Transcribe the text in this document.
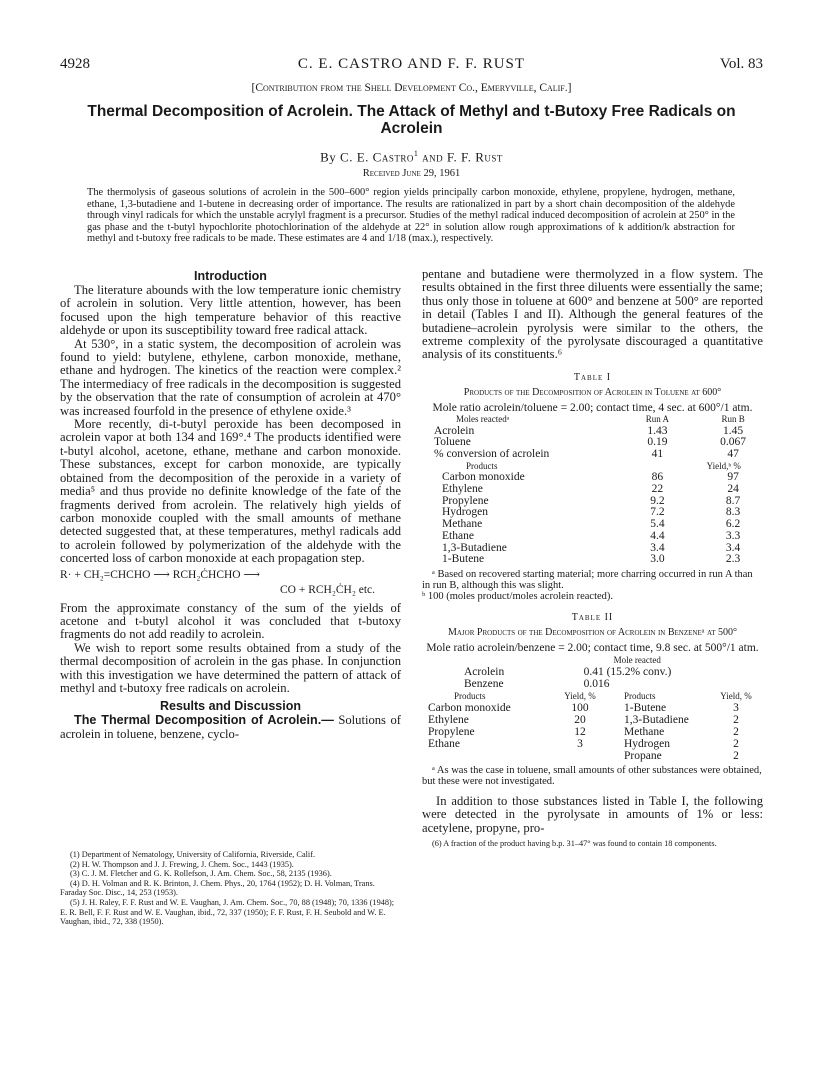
4928	C. E. CASTRO AND F. F. RUST	Vol. 83
[Contribution from the Shell Development Co., Emeryville, Calif.]
Thermal Decomposition of Acrolein. The Attack of Methyl and t-Butoxy Free Radicals on Acrolein
By C. E. Castro$^1$ and F. F. Rust
Received June 29, 1961
The thermolysis of gaseous solutions of acrolein in the 500–600° region yields principally carbon monoxide, ethylene, propylene, hydrogen, methane, ethane, 1,3-butadiene and 1-butene in decreasing order of importance. The results are rationalized in part by a short chain decomposition of the aldehyde through vinyl radicals for which the unstable acrylyl fragment is a precursor. Studies of the methyl radical induced decomposition of acrolein at 250° in the gas phase and the t-butyl hypochlorite photochlorination of the aldehyde at 22° in solution allow rough approximations of k addition/k abstraction for methyl and t-butoxy free radicals to be made. These estimates are 4 and 1/18 (max.), respectively.
Introduction

The literature abounds with the low temperature ionic chemistry of acrolein in solution. Very little attention, however, has been focused upon the high temperature behavior of this reactive aldehyde or upon its susceptibility toward free radical attack.

At 530°, in a static system, the decomposition of acrolein was found to yield: butylene, ethylene, carbon monoxide, methane, ethane and hydrogen. The kinetics of the reaction were complex.² The intermediacy of free radicals in the decomposition is suggested by the observation that the rate of consumption of acrolein at 470° was increased fourfold in the presence of ethylene oxide.³

More recently, di-t-butyl peroxide has been decomposed in acrolein vapor at both 134 and 169°.⁴ The products identified were t-butyl alcohol, acetone, ethane, methane and carbon monoxide. These substances, except for carbon monoxide, are typically obtained from the decomposition of the peroxide in a variety of media⁵ and thus provide no definite knowledge of the fate of the fragments derived from acrolein. The relatively high yields of carbon monoxide coupled with the small amounts of methane detected suggested that, at these temperatures, methyl radicals add to acrolein followed by polymerization of the aldehyde with the concerted loss of carbon monoxide at each propagation step.

R· + CH₂=CHCHO ⟶ RCH₂ĊHCHO ⟶
CO + RCH₂ĊH₂ etc.

From the approximate constancy of the sum of the yields of acetone and t-butyl alcohol it was concluded that t-butoxy fragments do not add readily to acrolein.

We wish to report some results obtained from a study of the thermal decomposition of acrolein in the gas phase. In conjunction with this investigation we have determined the pattern of attack of methyl and t-butoxy free radicals on acrolein.

Results and Discussion

The Thermal Decomposition of Acrolein.— Solutions of acrolein in toluene, benzene, cyclo-

(1) Department of Nematology, University of California, Riverside, Calif.

(2) H. W. Thompson and J. J. Frewing, J. Chem. Soc., 1443 (1935).

(3) C. J. M. Fletcher and G. K. Rollefson, J. Am. Chem. Soc., 58, 2135 (1936).

(4) D. H. Volman and R. K. Brinton, J. Chem. Phys., 20, 1764 (1952); D. H. Volman, Trans. Faraday Soc. Disc., 14, 253 (1953).

(5) J. H. Raley, F. F. Rust and W. E. Vaughan, J. Am. Chem. Soc., 70, 88 (1948); 70, 1336 (1948); E. R. Bell, F. F. Rust and W. E. Vaughan, ibid., 72, 337 (1950); F. F. Rust, F. H. Seubold and W. E. Vaughan, ibid., 72, 338 (1950).

pentane and butadiene were thermolyzed in a flow system. The results obtained in the first three diluents were essentially the same; thus only those in toluene at 600° and benzene at 500° are reported in detail (Tables I and II). Although the general features of the butadiene–acrolein pyrolysis were similar to the others, the extreme complexity of the pyrolysate discouraged a quantitative analysis of its constituents.⁶

Table I

Products of the Decomposition of Acrolein in Toluene at 600°

Mole ratio acrolein/toluene = 2.00; contact time, 4 sec. at 600°/1 atm.

Moles reactedᵃ	Run A	Run B
Acrolein	1.43	1.45
Toluene	0.19	0.067
% conversion of acrolein	41	47
Products	Yield,ᵇ %	
Carbon monoxide	86	97
Ethylene	22	24
Propylene	9.2	8.7
Hydrogen	7.2	8.3
Methane	5.4	6.2
Ethane	4.4	3.3
1,3-Butadiene	3.4	3.4
1-Butene	3.0	2.3

ᵃ Based on recovered starting material; more charring occurred in run A than in run B, although this was slight.

ᵇ 100 (moles product/moles acrolein reacted).

Table II

Major Products of the Decomposition of Acrolein in Benzeneᵃ at 500°

Mole ratio acrolein/benzene = 2.00; contact time, 9.8 sec. at 500°/1 atm.

	Mole reacted
Acrolein	0.41 (15.2% conv.)
Benzene	0.016
Products	Yield, %	Products	Yield, %
Carbon monoxide	100	1-Butene	3
Ethylene	20	1,3-Butadiene	2
Propylene	12	Methane	2
Ethane	3	Hydrogen	2
		Propane	2

ᵃ As was the case in toluene, small amounts of other substances were obtained, but these were not investigated.

In addition to those substances listed in Table I, the following were detected in the pyrolysate in amounts of 1% or less: acetylene, propyne, pro-

(6) A fraction of the product having b.p. 31–47° was found to contain 18 components.
